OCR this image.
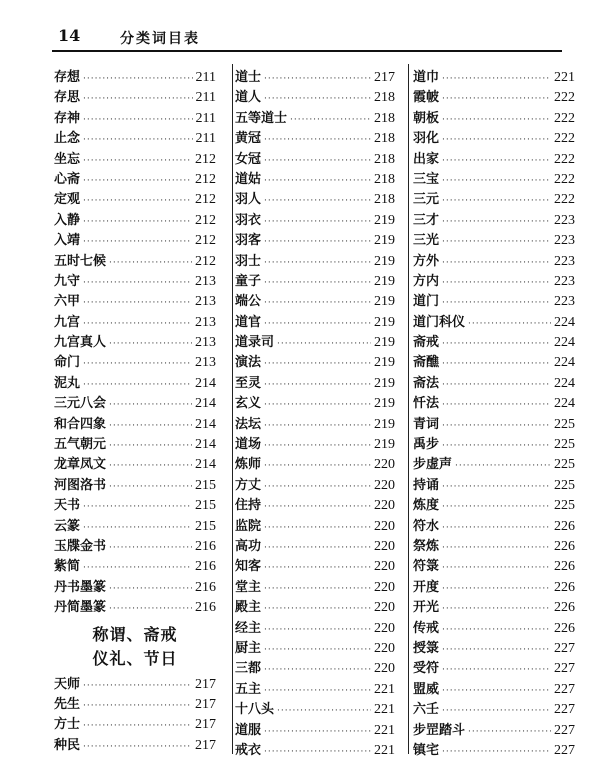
14	分类词目表
存想 ·····	211
存思 ·····	211
存神 ·····	211
止念 ·····	211
坐忘 ·····	212
心斋 ·····	212
定观 ·····	212
入静 ·····	212
入靖 ·····	212
五时七候 ·····	212
九守 ·····	213
六甲 ·····	213
九宫 ·····	213
九宫真人 ·····	213
命门 ·····	213
泥丸 ·····	214
三元八会 ·····	214
和合四象 ·····	214
五气朝元 ·····	214
龙章凤文 ·····	214
河图洛书 ·····	215
天书 ·····	215
云篆 ·····	215
玉牒金书 ·····	216
紫简 ·····	216
丹书墨篆 ·····	216
丹简墨篆 ·····	216
称谓、斋戒
仪礼、节日
天师 ·····	217
先生 ·····	217
方士 ·····	217
种民 ·····	217
道士 ·····	217
道人 ·····	218
五等道士 ·····	218
黄冠 ·····	218
女冠 ·····	218
道姑 ·····	218
羽人 ·····	218
羽衣 ·····	219
羽客 ·····	219
羽士 ·····	219
童子 ·····	219
端公 ·····	219
道官 ·····	219
道录司 ·····	219
演法 ·····	219
至灵 ·····	219
玄义 ·····	219
法坛 ·····	219
道场 ·····	219
炼师 ·····	220
方丈 ·····	220
住持 ·····	220
监院 ·····	220
高功 ·····	220
知客 ·····	220
堂主 ·····	220
殿主 ·····	220
经主 ·····	220
厨主 ·····	220
三都 ·····	220
五主 ·····	221
十八头 ·····	221
道服 ·····	221
戒衣 ·····	221
道巾 ·····	221
霞帔 ·····	222
朝板 ·····	222
羽化 ·····	222
出家 ·····	222
三宝 ·····	222
三元 ·····	222
三才 ·····	223
三光 ·····	223
方外 ·····	223
方内 ·····	223
道门 ·····	223
道门科仪 ·····	224
斋戒 ·····	224
斋醮 ·····	224
斋法 ·····	224
忏法 ·····	224
青词 ·····	225
禹步 ·····	225
步虚声 ·····	225
持诵 ·····	225
炼度 ·····	225
符水 ·····	226
祭炼 ·····	226
符箓 ·····	226
开度 ·····	226
开光 ·····	226
传戒 ·····	226
授箓 ·····	227
受符 ·····	227
盟威 ·····	227
六壬 ·····	227
步罡踏斗 ·····	227
镇宅 ·····	227
